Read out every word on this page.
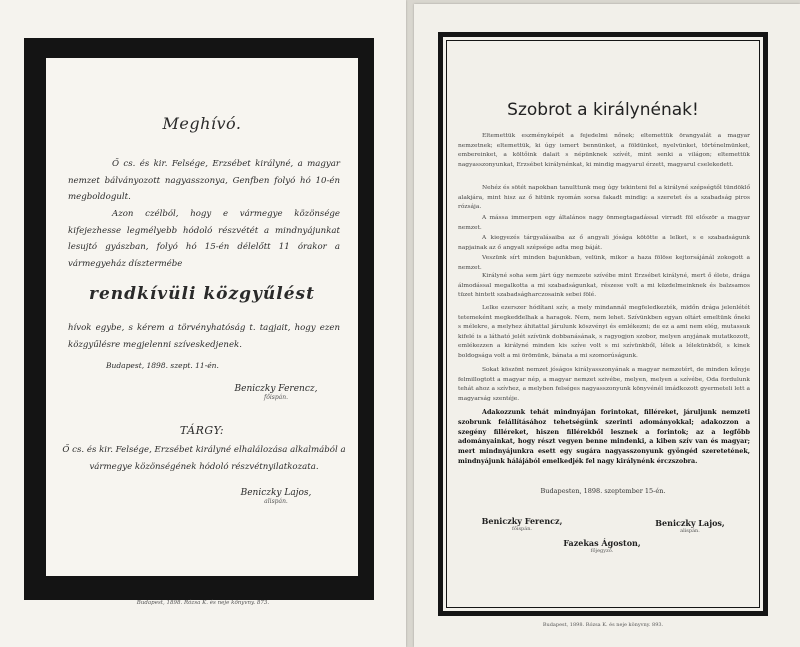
Meghívó.
Ő cs. és kir. Felsége, Erzsébet királyné, a magyar nemzet bálványozott nagyasszonya, Genfben folyó hó 10-én megboldogult.
Azon czélból, hogy e vármegye közönsége kifejezhesse legmélyebb hódoló részvétét a mindnyájunkat lesujtó gyászban, folyó hó 15-én délelőtt 11 órakor a vármegyeház dísztermébe
rendkívüli közgyűlést
hívok egybe, s kérem a törvényhatóság t. tagjait, hogy ezen közgyűlésre megjelenni szíveskedjenek.
Budapest, 1898. szept. 11-én.
Beniczky Ferencz,
főispán.
TÁRGY:
Ő cs. és kir. Felsége, Erzsébet királyné elhalálozása alkalmából a vármegye közönségének hódoló részvétnyilatkozata.
Beniczky Lajos,
alispán.
Budapest, 1898. Rózsa K. és neje könyvny. 873.
Szobrot a királynénak!
Eltemettük eszményképét a fejedelmi nőnek; eltemettük örangyalát a magyar nemzetnek; eltemettük, ki úgy ismert bennünket, a földünket, nyelvünket, történelmünket, embereinket, a költőink dalait s népünknek szívét, mint senki a világon; eltemettük nagyasszonyunkat, Erzsébet királynénkat, ki mindig magyarul érzett, magyarul cselekedett.
Nehéz és sötét napokban tanulttunk meg úgy tekinteni fel a királyné szépségtől tündöklő alakjára, mint hisz az ő hitünk nyomán sorsa fakadt mindig: a szeretet és a szabadság piros rózsája.
A mássa immerpen egy általános nagy önmegtagadással virradt föl először a magyar nemzet.
A kiegyezés tárgyalásaiba az ő angyali jósága kötötte a lelket, s e szabadságunk napjainak az ő angyali szépsége adta meg báját.
Veszünk sírt minden bajunkban, velünk, mikor a haza fölöse kejtorsájánál zokogott a nemzet.
Királyné soha sem járt úgy nemzete szívébe mint Erzsébet királyné, mert ő élete, drága álmodással megalkotta a mi szabadságunkat, részese volt a mi küzdelmeinknek és balzsamos tüzet hintett szabadságharczosaink sebei fölé.
Lelke ezerszer hódítani szív, a mely mindannál megfeledkezték, midőn drága jelenlétét tetemeként megkeddelhak a haragok. Nem, nem lehet. Szívünkben egyan oltárt emeltünk őneki s mélekre, a melyhez áhitattal járulunk köszvényi és emlékezni; de ez a ami nem elég, mutassuk kifelé is a látható jelét szívünk dobbanásának, s ragyogjon szobor, melyen anyjának mutatkozott, emlékezzen a királyné minden kis szíve volt s mi szívünkből, lélek a lélekünkből, s kinek boldogsága volt a mi örömünk, bánata a mi szomorúságunk.
Sokat köszönt nemzet jóságos királyasszonyának a magyar nemzetért, de minden kőnyje felmillogtott a magyar nép, a magyar nemzet szivébe, melyen, melyen a szívébe, Oda fordulunk tehát ahoz a szívhez, a melyben felséges nagyasszonyunk könyvénél imádkozott gyermeteli lett a magyarság szentéje.
Adakozzunk tehát mindnyájan forintokat, filléreket, járuljunk nemzeti szobrunk felállításához tehetségünk szerinti adományokkal; adakozzon a szegény filléreket, hiszen fillérekből lesznek a forintok; az a legfőbb adományainkat, hogy részt vegyen benne mindenki, a kiben szív van és magyar; mert mindnyájunkra esett egy sugára nagyasszonyunk gyöngéd szeretetének, mindnyájunk hálájából emelkedjék fel nagy királynénk érczszobra.
Budapesten, 1898. szeptember 15-én.
Beniczky Ferencz,
főispán.
Beniczky Lajos,
alispán.
Fazekas Ágoston,
főjegyző.
Budapest, 1898. Rózsa K. és neje könyvny. 893.
